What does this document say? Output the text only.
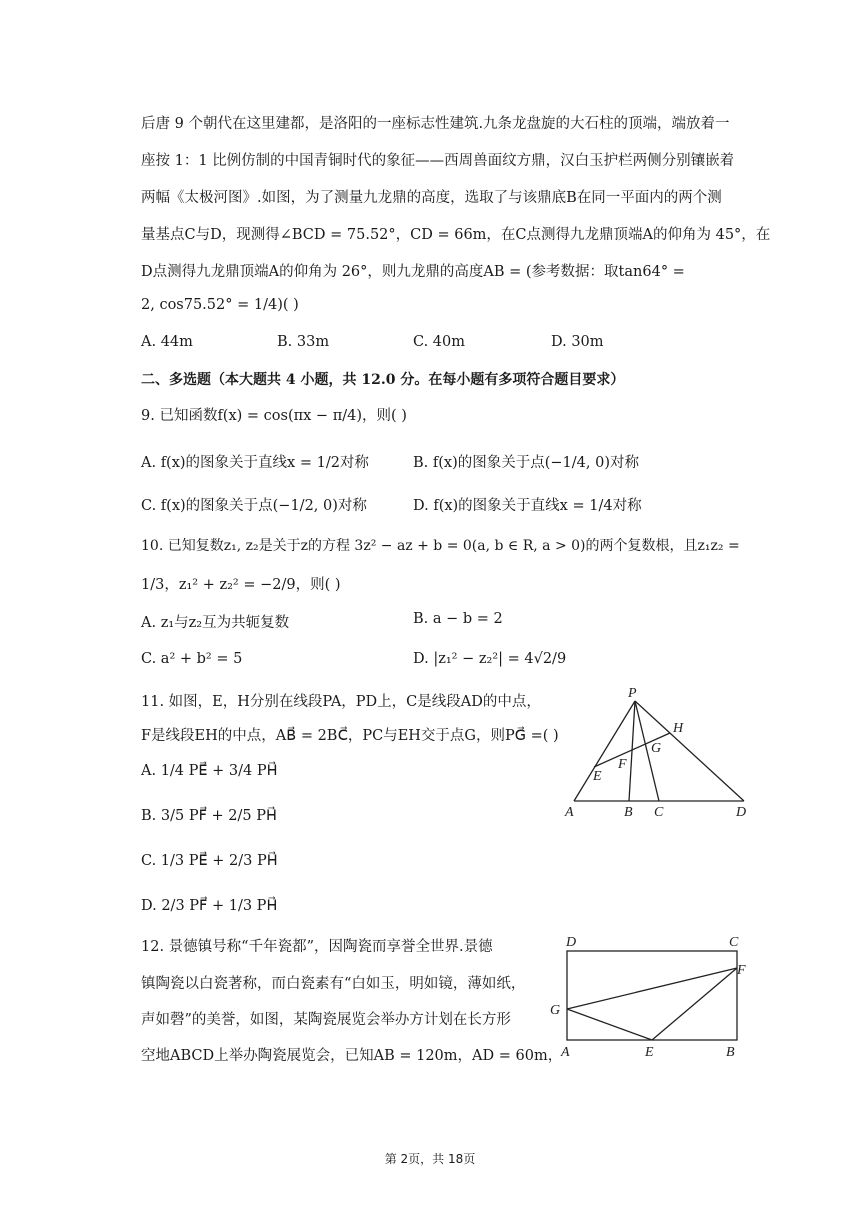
后唐 9 个朝代在这里建都，是洛阳的一座标志性建筑.九条龙盘旋的大石柱的顶端，端放着一
座按 1：1 比例仿制的中国青铜时代的象征——西周兽面纹方鼎，汉白玉护栏两侧分别镶嵌着
两幅《太极河图》.如图，为了测量九龙鼎的高度，选取了与该鼎底B在同一平面内的两个测
量基点C与D，现测得∠BCD = 75.52°，CD = 66m，在C点测得九龙鼎顶端A的仰角为 45°，在
D点测得九龙鼎顶端A的仰角为 26°，则九龙鼎的高度AB = (参考数据：取tan64° =
2, cos75.52° = 1/4)( )
A. 44m	B. 33m	C. 40m	D. 30m
二、多选题（本大题共 4 小题，共 12.0 分。在每小题有多项符合题目要求）
9. 已知函数f(x) = cos(πx − π/4)，则( )
A. f(x)的图象关于直线x = 1/2对称	B. f(x)的图象关于点(−1/4, 0)对称
C. f(x)的图象关于点(−1/2, 0)对称	D. f(x)的图象关于直线x = 1/4对称
10. 已知复数z₁, z₂是关于z的方程 3z² − az + b = 0(a, b ∈ R, a > 0)的两个复数根，且z₁z₂ =
1/3，z₁² + z₂² = −2/9，则( )
A. z₁与z₂互为共轭复数	B. a − b = 2
C. a² + b² = 5	D. |z₁² − z₂²| = 4√2/9
11. 如图，E，H分别在线段PA，PD上，C是线段AD的中点，
F是线段EH的中点，AB⃗ = 2BC⃗，PC与EH交于点G，则PG⃗ =( )
A. 1/4 PE⃗ + 3/4 PH⃗
B. 3/5 PF⃗ + 2/5 PH⃗
C. 1/3 PE⃗ + 2/3 PH⃗
D. 2/3 PF⃗ + 1/3 PH⃗
P
H
G
F
E
A	B C	D
12. 景德镇号称“千年瓷都”，因陶瓷而享誉全世界.景德
镇陶瓷以白瓷著称，而白瓷素有“白如玉，明如镜，薄如纸，
声如磬”的美誉，如图，某陶瓷展览会举办方计划在长方形
空地ABCD上举办陶瓷展览会，已知AB = 120m，AD = 60m，
D	C
F
G
A	E	B
第 2页，共 18页
